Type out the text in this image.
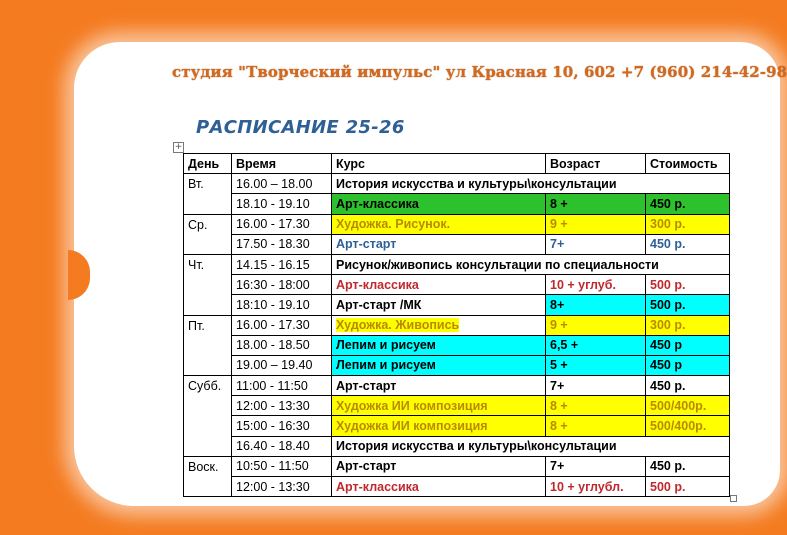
студия "Творческий импульс" ул Красная 10, 602 +7 (960) 214-42-98
РАСПИСАНИЕ 25-26
+
День	Время	Курс	Возраст	Стоимость
Вт.	16.00 – 18.00	История искусства и культуры\консультации		
	18.10 - 19.10	Арт-классика	8 +	450 р.
Ср.	16.00 - 17.30	Художка. Рисунок.	9 +	300 р.
	17.50 - 18.30	Арт-старт	7+	450 р.
Чт.	14.15 - 16.15	Рисунок/живопись консультации по специальности		
	16:30 - 18:00	Арт-классика	10 + углуб.	500 р.
	18:10 - 19.10	Арт-старт /МК	8+	500 р.
Пт.	16.00 - 17.30	Художка. Живопись	9 +	300 р.
	18.00 - 18.50	Лепим и рисуем	6,5 +	450 р
	19.00 – 19.40	Лепим и рисуем	5 +	450 р
Субб.	11:00 - 11:50	Арт-старт	7+	450 р.
	12:00 - 13:30	Художка ИИ композиция	8 +	500/400р.
	15:00 - 16:30	Художка ИИ композиция	8 +	500/400р.
	16.40 - 18.40	История искусства и культуры\консультации		
Воск.	10:50 - 11:50	Арт-старт	7+	450 р.
	12:00 - 13:30	Арт-классика	10 + углубл.	500 р.
